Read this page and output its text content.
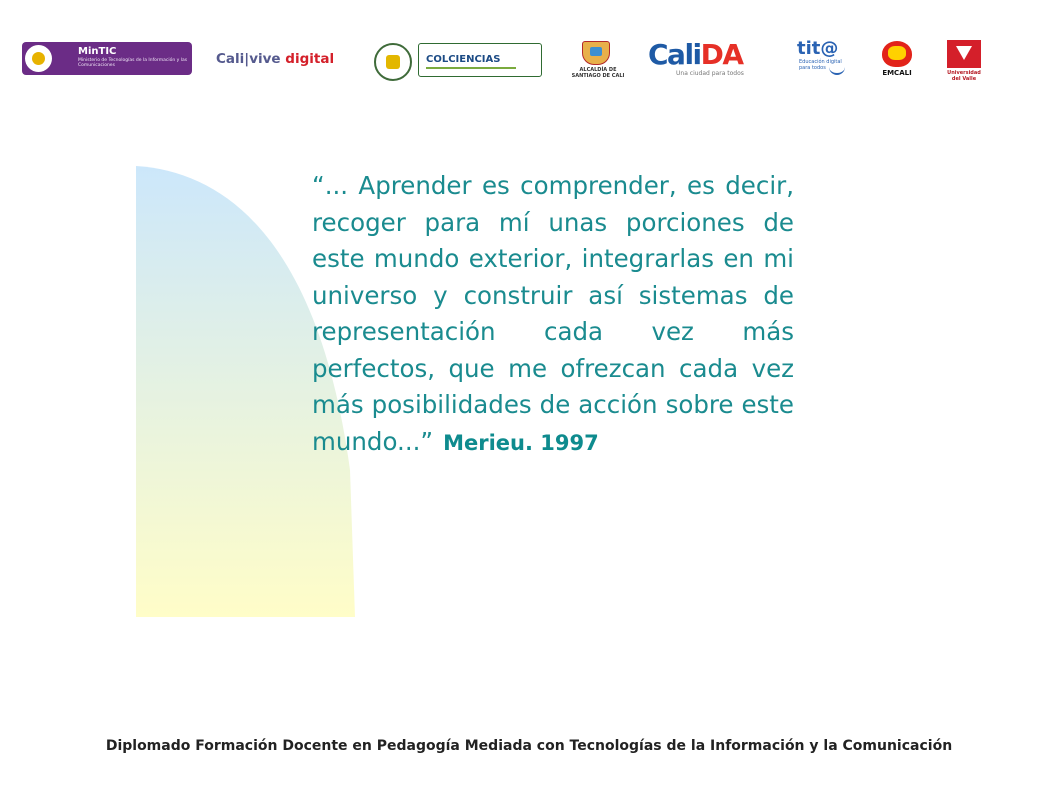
MinTIC
Ministerio de Tecnologías de la Información y las Comunicaciones	Cali|vive digital	COLCIENCIAS
ALCALDÍA DE SANTIAGO DE CALI
CaliDA
Una ciudad para todos
tit@
Educación digital para todos
EMCALI	Universidad del Valle

“... Aprender es comprender, es decir, recoger para mí unas porciones de este mundo exterior, integrarlas en mi universo y construir así sistemas de representación cada vez más perfectos, que me ofrezcan cada vez más posibilidades de acción sobre este mundo...” Merieu. 1997

Diplomado Formación Docente en Pedagogía Mediada con Tecnologías de la Información y la Comunicación
